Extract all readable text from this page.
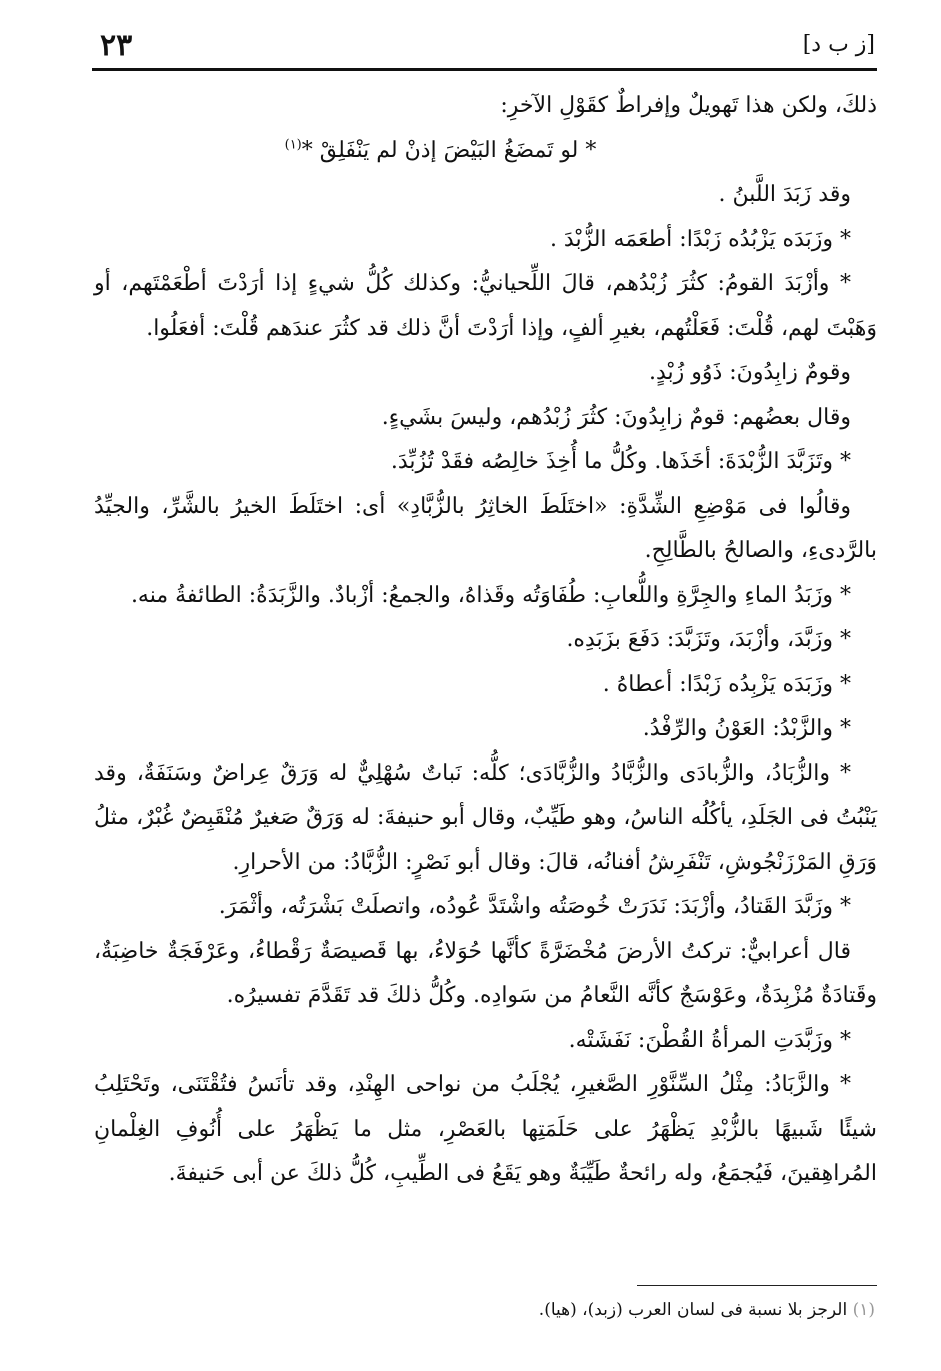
٢٣	[ز ب د]

ذلكَ، ولكن هذا تَهويلٌ وإفراطٌ كقَوْلِ الآخرِ:

* لو تَمضَغُ البَيْضَ إذنْ لم يَنْفَلِقْ *$^{(١)}$

وقد زَبَدَ اللَّبنُ .

* وزَبَدَه يَزْبُدُه زَبْدًا: أطعَمَه الزُّبْدَ .

* وأزْبَدَ القومُ: كثُرَ زُبْدُهم، قالَ اللِّحيانيُّ: وكذلك كُلُّ شيءٍ إذا أرَدْتَ أطْعَمْتَهم، أو وَهَبْتَ لهم، قُلْتَ: فَعَلْتُهم، بغيرِ ألفٍ، وإذا أرَدْتَ أنَّ ذلك قد كثُرَ عندَهم قُلْتَ: أفعَلُوا.

وقومٌ زابِدُونَ: ذَوُو زُبْدٍ.

وقال بعضُهم: قومٌ زابِدُونَ: كثُرَ زُبْدُهم، وليسَ بشَيءٍ.

* وتَزَبَّدَ الزُّبْدَةَ: أخَذَها. وكُلُّ ما أُخِذَ خالِصُه فقَدْ تُزُبِّدَ.

وقالُوا فى مَوْضِعِ الشِّدَّةِ: «اختَلَطَ الخاثِرُ بالزُّبَّادِ» أى: اختَلَطَ الخيرُ بالشَّرِّ، والجيِّدُ بالرَّدىءِ، والصالحُ بالطَّالِحِ.

* وزَبَدُ الماءِ والجِرَّةِ واللُّعابِ: طُفَاوَتُه وقَذاهُ، والجمعُ: أزْبادٌ. والزَّبَدَةُ: الطائفةُ منه.

* وزَبَّدَ، وأزْبَدَ، وتَزَبَّدَ: دَفَعَ بزَبَدِه.

* وزَبَدَه يَزْبِدُه زَبْدًا: أعطاهُ .

* والزَّبْدُ: العَوْنُ والرِّفْدُ.

* والزُّبَادُ، والزُّبادَى والزُّبَّادُ والزُّبَّادَى؛ كلُّه: نَباتٌ سُهْلِيٌّ له وَرَقٌ عِراضٌ وسَنَفَةٌ، وقد يَنْبُتُ فى الجَلَدِ، يأكُلُه الناسُ، وهو طَيِّبٌ، وقال أبو حنيفةَ: له وَرَقٌ صَغيرٌ مُنْقَبِضٌ غُبْرٌ، مثلُ وَرَقِ المَرْزَنْجُوشِ، تَنْفَرِشُ أفنانُه، قالَ: وقال أبو نَصْرٍ: الزُّبَّادُ: من الأحرارِ.

* وزَبَّدَ القَتادُ، وأزْبَدَ: نَدَرَتْ خُوصَتُه واشْتَدَّ عُودُه، واتصلَتْ بَشْرَتُه، وأثْمَرَ.

قال أعرابيٌّ: تركتُ الأرضَ مُخْضَرَّةً كأنَّها حُوَلاءُ، بها قَصيصَةٌ رَقْطاءُ، وعَرْفَجَةٌ خاضِبَةٌ، وقَتادَةٌ مُزْبِدَةٌ، وعَوْسَجٌ كأنَّه النَّعامُ من سَوادِه. وكُلُّ ذلكَ قد تَقَدَّمَ تفسيرُه.

* وزَبَّدَتِ المرأةُ القُطْنَ: نَفَشَتْه.

* والزَّبَادُ: مِثْلُ السِّنَّوْرِ الصَّغيرِ، يُجْلَبُ من نواحى الهِنْدِ، وقد تأنَسُ فتُقْتَنَى، وتَحْتَلِبُ شيئًا شَبيهًا بالزُّبْدِ يَظْهَرُ على حَلَمَتِها بالعَصْرِ، مثل ما يَظْهَرُ على أُنُوفِ الغِلْمانِ المُراهِقينَ، فَيُجمَعُ، وله رائحةٌ طَيِّبَةٌ وهو يَقَعُ فى الطِّيبِ، كُلُّ ذلكَ عن أبى حَنيفةَ.

(١) الرجز بلا نسبة فى لسان العرب (زبد)، (هيا).
